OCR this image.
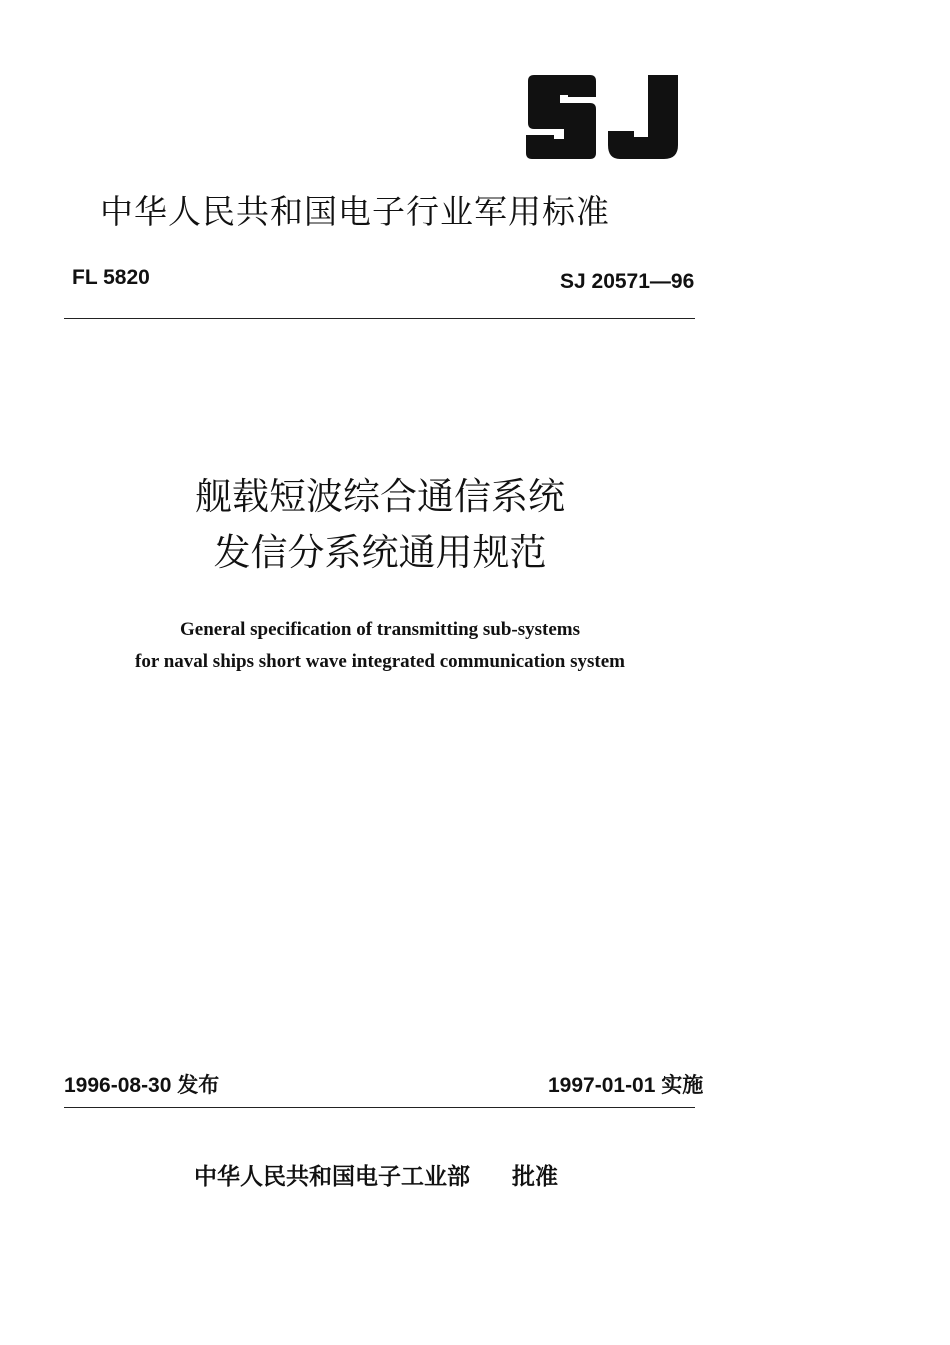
中华人民共和国电子行业军用标准
FL 5820	SJ 20571—96
舰载短波综合通信系统
发信分系统通用规范
General specification of transmitting sub-systems
for naval ships short wave integrated communication system
1996-08-30 发布	1997-01-01 实施
中华人民共和国电子工业部 批准
